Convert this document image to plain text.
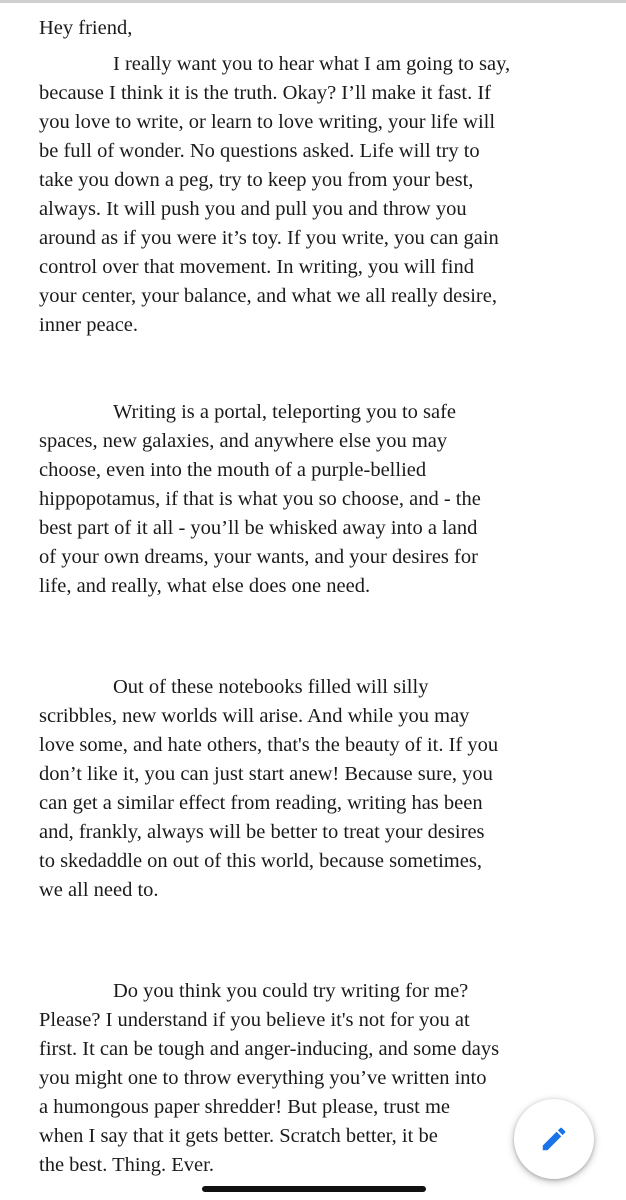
Hey friend,
I really want you to hear what I am going to say,
because I think it is the truth. Okay? I’ll make it fast. If
you love to write, or learn to love writing, your life will
be full of wonder. No questions asked. Life will try to
take you down a peg, try to keep you from your best,
always. It will push you and pull you and throw you
around as if you were it’s toy. If you write, you can gain
control over that movement. In writing, you will find
your center, your balance, and what we all really desire,
inner peace.
Writing is a portal, teleporting you to safe
spaces, new galaxies, and anywhere else you may
choose, even into the mouth of a purple-bellied
hippopotamus, if that is what you so choose, and - the
best part of it all - you’ll be whisked away into a land
of your own dreams, your wants, and your desires for
life, and really, what else does one need.
Out of these notebooks filled will silly
scribbles, new worlds will arise. And while you may
love some, and hate others, that's the beauty of it. If you
don’t like it, you can just start anew! Because sure, you
can get a similar effect from reading, writing has been
and, frankly, always will be better to treat your desires
to skedaddle on out of this world, because sometimes,
we all need to.
Do you think you could try writing for me?
Please? I understand if you believe it's not for you at
first. It can be tough and anger-inducing, and some days
you might one to throw everything you’ve written into
a humongous paper shredder! But please, trust me
when I say that it gets better. Scratch better, it be
the best. Thing. Ever.
